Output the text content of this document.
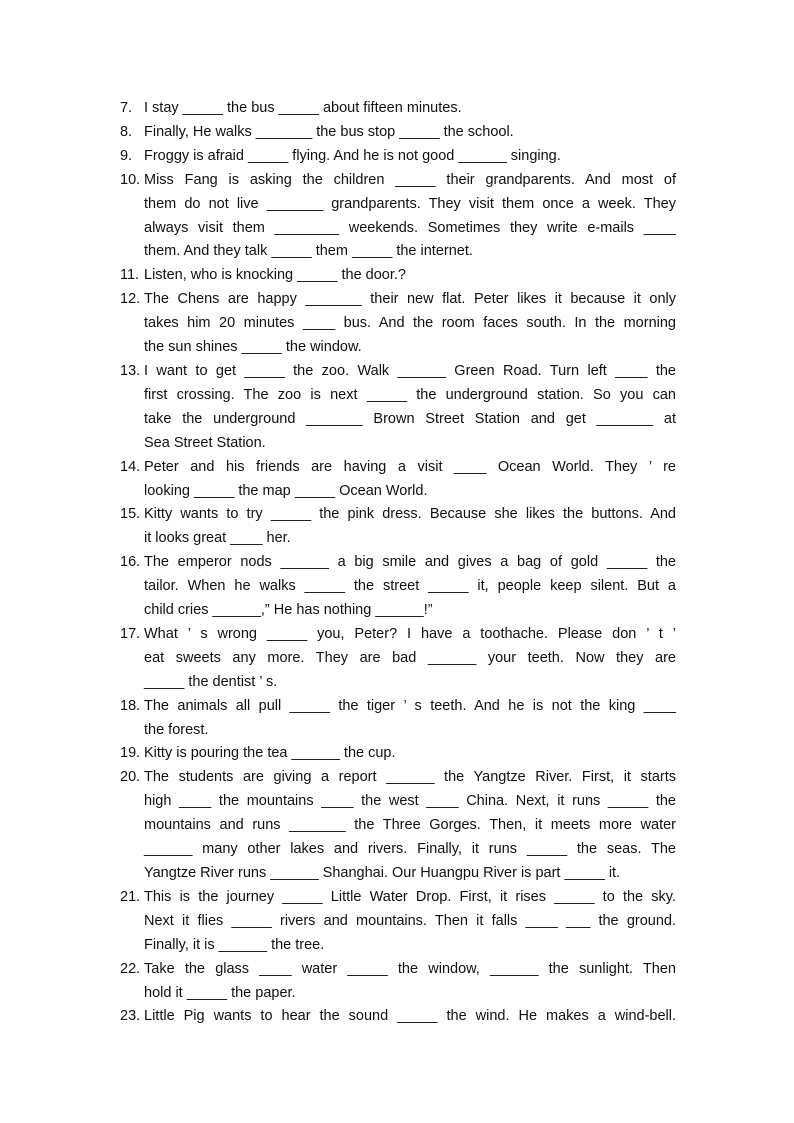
7. I stay _____ the bus _____ about fifteen minutes.
8. Finally, He walks _______ the bus stop _____ the school.
9. Froggy is afraid _____ flying. And he is not good ______ singing.
10. Miss Fang is asking the children _____ their grandparents. And most of
them do not live _______ grandparents. They visit them once a week. They
always visit them ________ weekends. Sometimes they write e-mails ____
them. And they talk _____ them _____ the internet.
11. Listen, who is knocking _____ the door.?
12. The Chens are happy _______ their new flat. Peter likes it because it only
takes him 20 minutes ____ bus. And the room faces south. In the morning
the sun shines _____ the window.
13. I want to get _____ the zoo. Walk ______ Green Road. Turn left ____ the
first crossing. The zoo is next _____ the underground station. So you can
take the underground _______ Brown Street Station and get _______ at
Sea Street Station.
14. Peter and his friends are having a visit ____ Ocean World. They ’ re
looking _____ the map _____ Ocean World.
15. Kitty wants to try _____ the pink dress. Because she likes the buttons. And
it looks great ____ her.
16. The emperor nods ______ a big smile and gives a bag of gold _____ the
tailor. When he walks _____ the street _____ it, people keep silent. But a
child cries ______,” He has nothing ______!”
17. What ’ s wrong _____ you, Peter? I have a toothache. Please don ’ t ’
eat sweets any more. They are bad ______ your teeth. Now they are
_____ the dentist ’ s.
18. The animals all pull _____ the tiger ’ s teeth. And he is not the king ____
the forest.
19. Kitty is pouring the tea ______ the cup.
20. The students are giving a report ______ the Yangtze River. First, it starts
high ____ the mountains ____ the west ____ China. Next, it runs _____ the
mountains and runs _______ the Three Gorges. Then, it meets more water
______ many other lakes and rivers. Finally, it runs _____ the seas. The
Yangtze River runs ______ Shanghai. Our Huangpu River is part _____ it.
21. This is the journey _____ Little Water Drop. First, it rises _____ to the sky.
Next it flies _____ rivers and mountains. Then it falls ____ ___ the ground.
Finally, it is ______ the tree.
22. Take the glass ____ water _____ the window, ______ the sunlight. Then
hold it _____ the paper.
23. Little Pig wants to hear the sound _____ the wind. He makes a wind-bell.
